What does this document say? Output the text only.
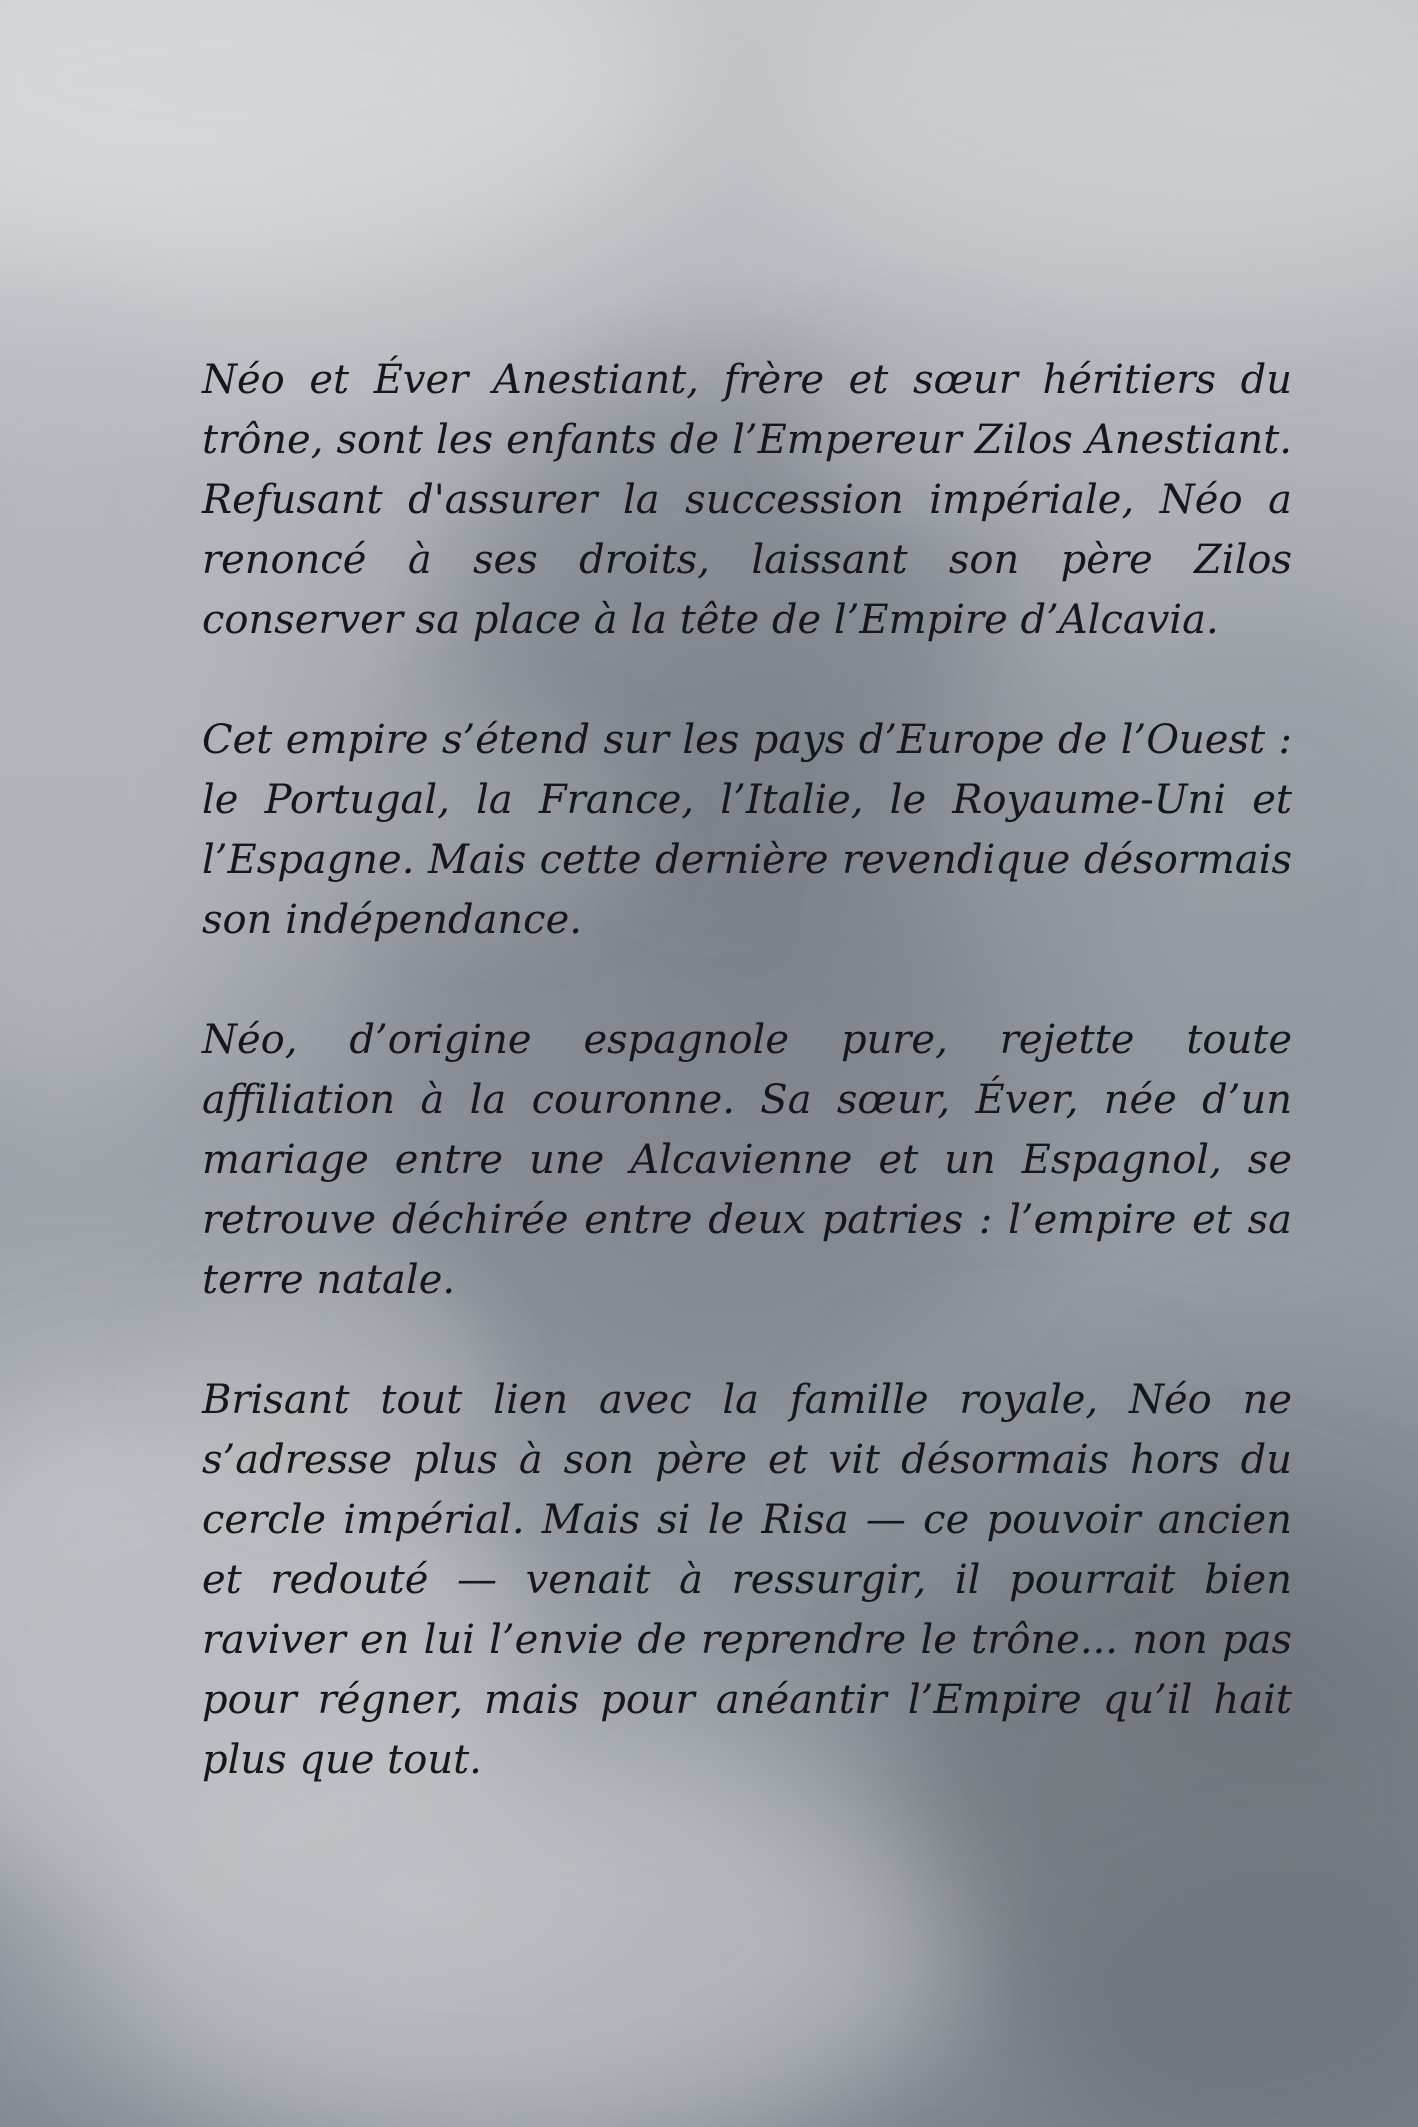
Néo et Éver Anestiant, frère et sœur héritiers du trône, sont les enfants de l’Empereur Zilos Anestiant. Refusant d'assurer la succession impériale, Néo a renoncé à ses droits, laissant son père Zilos conserver sa place à la tête de l’Empire d’Alcavia.

Cet empire s’étend sur les pays d’Europe de l’Ouest : le Portugal, la France, l’Italie, le Royaume-Uni et l’Espagne. Mais cette dernière revendique désormais son indépendance.

Néo, d’origine espagnole pure, rejette toute affiliation à la couronne. Sa sœur, Éver, née d’un mariage entre une Alcavienne et un Espagnol, se retrouve déchirée entre deux patries : l’empire et sa terre natale.

Brisant tout lien avec la famille royale, Néo ne s’adresse plus à son père et vit désormais hors du cercle impérial. Mais si le Risa — ce pouvoir ancien et redouté — venait à ressurgir, il pourrait bien raviver en lui l’envie de reprendre le trône... non pas pour régner, mais pour anéantir l’Empire qu’il hait plus que tout.
